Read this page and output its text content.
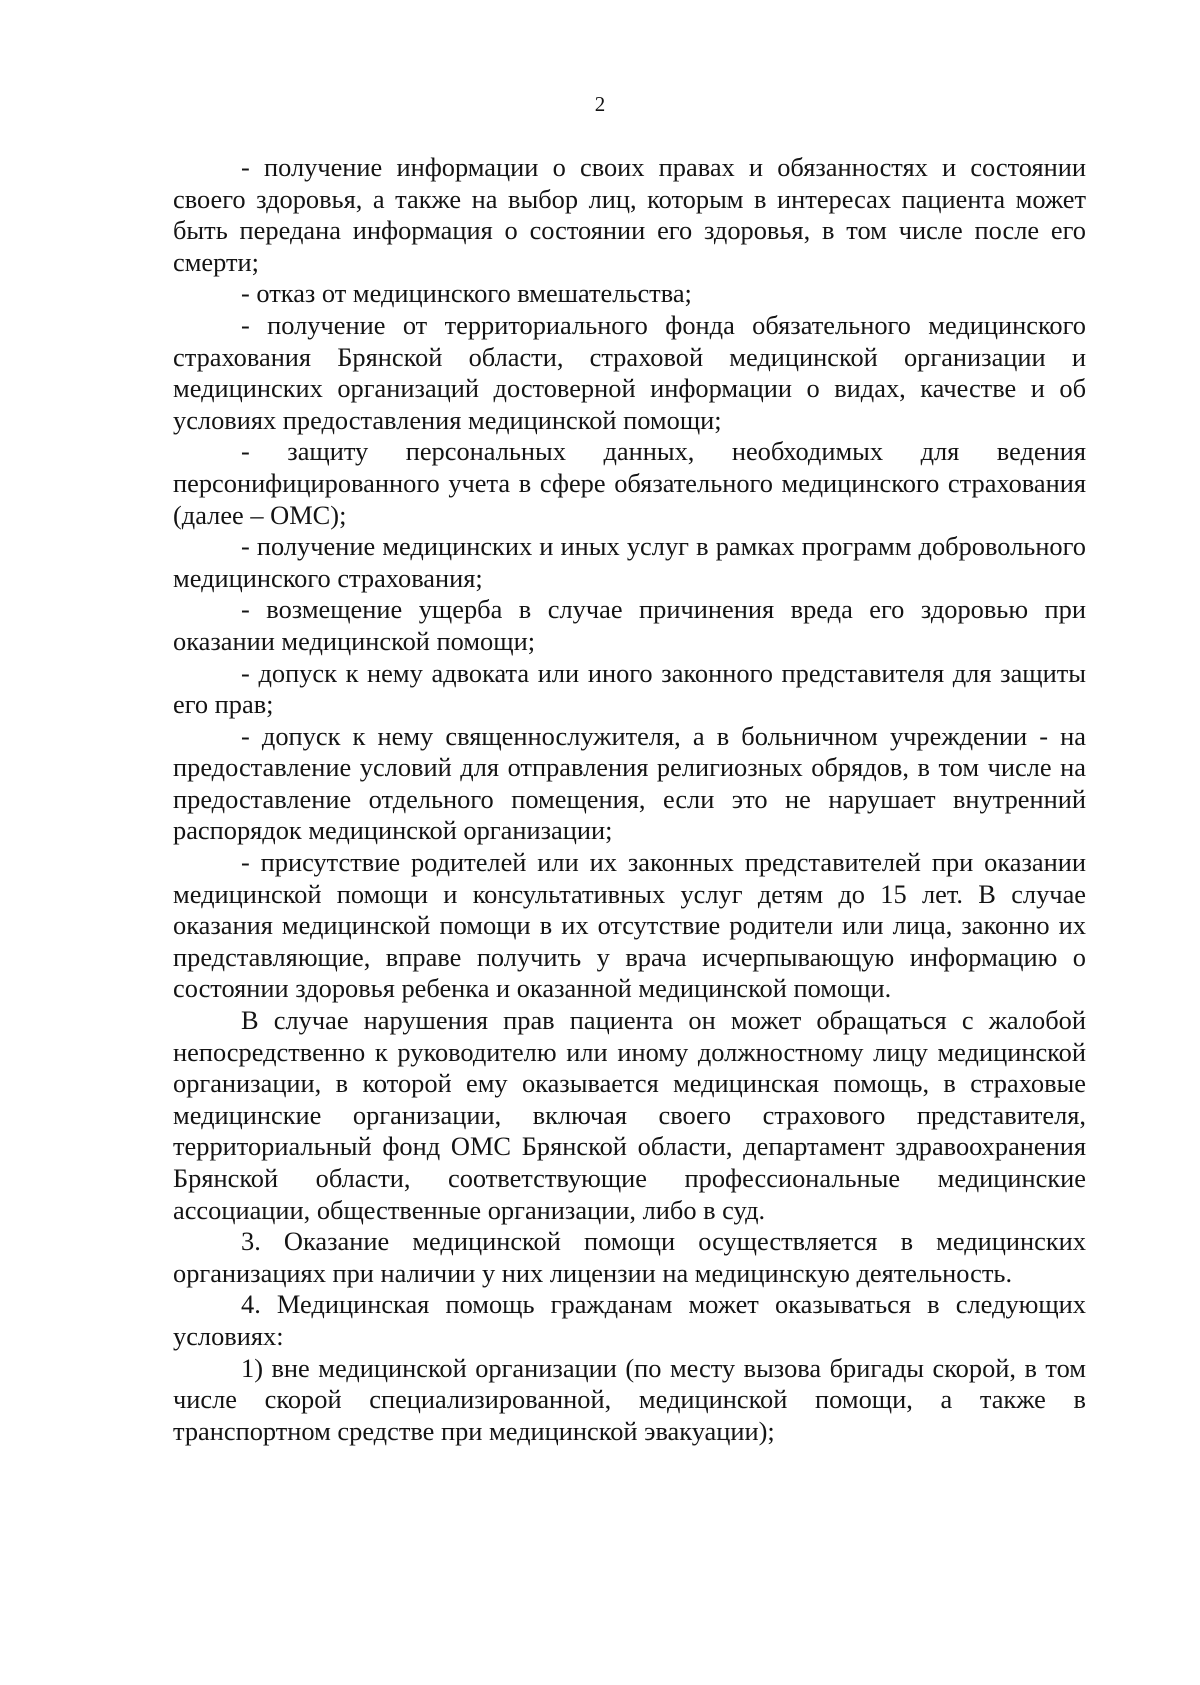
2

- получение информации о своих правах и обязанностях и состоянии своего здоровья, а также на выбор лиц, которым в интересах пациента может быть передана информация о состоянии его здоровья, в том числе после его смерти;

- отказ от медицинского вмешательства;

- получение от территориального фонда обязательного медицинского страхования Брянской области, страховой медицинской организации и медицинских организаций достоверной информации о видах, качестве и об условиях предоставления медицинской помощи;

- защиту персональных данных, необходимых для ведения персонифицированного учета в сфере обязательного медицинского страхования (далее – ОМС);

- получение медицинских и иных услуг в рамках программ добровольного медицинского страхования;

- возмещение ущерба в случае причинения вреда его здоровью при оказании медицинской помощи;

- допуск к нему адвоката или иного законного представителя для защиты его прав;

- допуск к нему священнослужителя, а в больничном учреждении - на предоставление условий для отправления религиозных обрядов, в том числе на предоставление отдельного помещения, если это не нарушает внутренний распорядок медицинской организации;

- присутствие родителей или их законных представителей при оказании медицинской помощи и консультативных услуг детям до 15 лет. В случае оказания медицинской помощи в их отсутствие родители или лица, законно их представляющие, вправе получить у врача исчерпывающую информацию о состоянии здоровья ребенка и оказанной медицинской помощи.

В случае нарушения прав пациента он может обращаться с жалобой непосредственно к руководителю или иному должностному лицу медицинской организации, в которой ему оказывается медицинская помощь, в страховые медицинские организации, включая своего страхового представителя, территориальный фонд ОМС Брянской области, департамент здравоохранения Брянской области, соответствующие профессиональные медицинские ассоциации, общественные организации, либо в суд.

3. Оказание медицинской помощи осуществляется в медицинских организациях при наличии у них лицензии на медицинскую деятельность.

4. Медицинская помощь гражданам может оказываться в следующих условиях:

1) вне медицинской организации (по месту вызова бригады скорой, в том числе скорой специализированной, медицинской помощи, а также в транспортном средстве при медицинской эвакуации);
